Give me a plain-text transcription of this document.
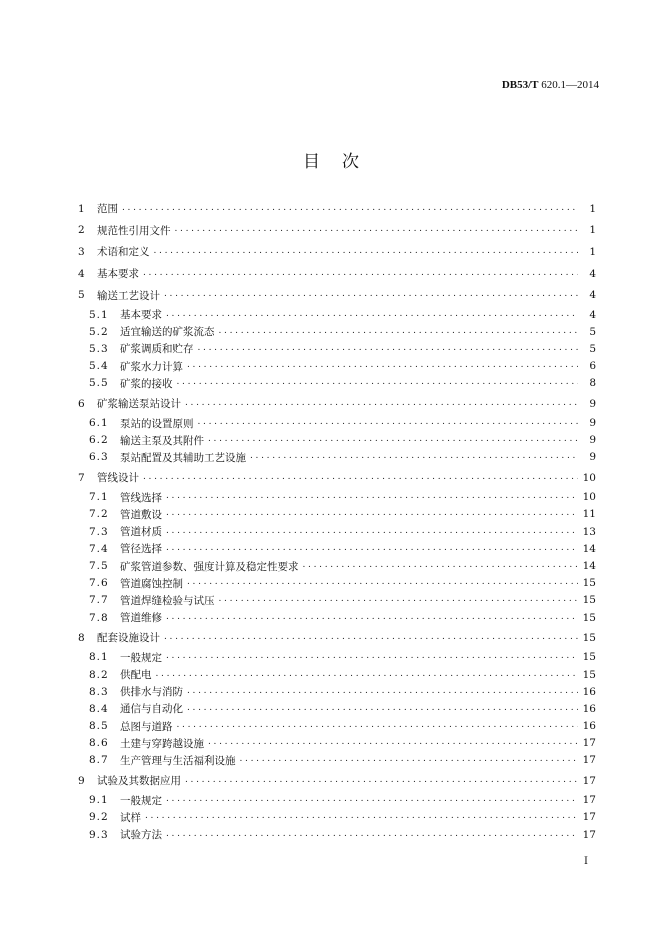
DB53/T 620.1—2014
目次
1	范围 .....	1
2	规范性引用文件 .....	1
3	术语和定义 .....	1
4	基本要求 .....	4
5	输送工艺设计 .....	4
5.1	基本要求 .....	4
5.2	适宜输送的矿浆流态 .....	5
5.3	矿浆调质和贮存 .....	5
5.4	矿浆水力计算 .....	6
5.5	矿浆的接收 .....	8
6	矿浆输送泵站设计 .....	9
6.1	泵站的设置原则 .....	9
6.2	输送主泵及其附件 .....	9
6.3	泵站配置及其辅助工艺设施 .....	9
7	管线设计 .....	10
7.1	管线选择 .....	10
7.2	管道敷设 .....	11
7.3	管道材质 .....	13
7.4	管径选择 .....	14
7.5	矿浆管道参数、强度计算及稳定性要求 .....	14
7.6	管道腐蚀控制 .....	15
7.7	管道焊缝检验与试压 .....	15
7.8	管道维修 .....	15
8	配套设施设计 .....	15
8.1	一般规定 .....	15
8.2	供配电 .....	15
8.3	供排水与消防 .....	16
8.4	通信与自动化 .....	16
8.5	总图与道路 .....	16
8.6	土建与穿跨越设施 .....	17
8.7	生产管理与生活福利设施 .....	17
9	试验及其数据应用 .....	17
9.1	一般规定 .....	17
9.2	试样 .....	17
9.3	试验方法 .....	17
I
